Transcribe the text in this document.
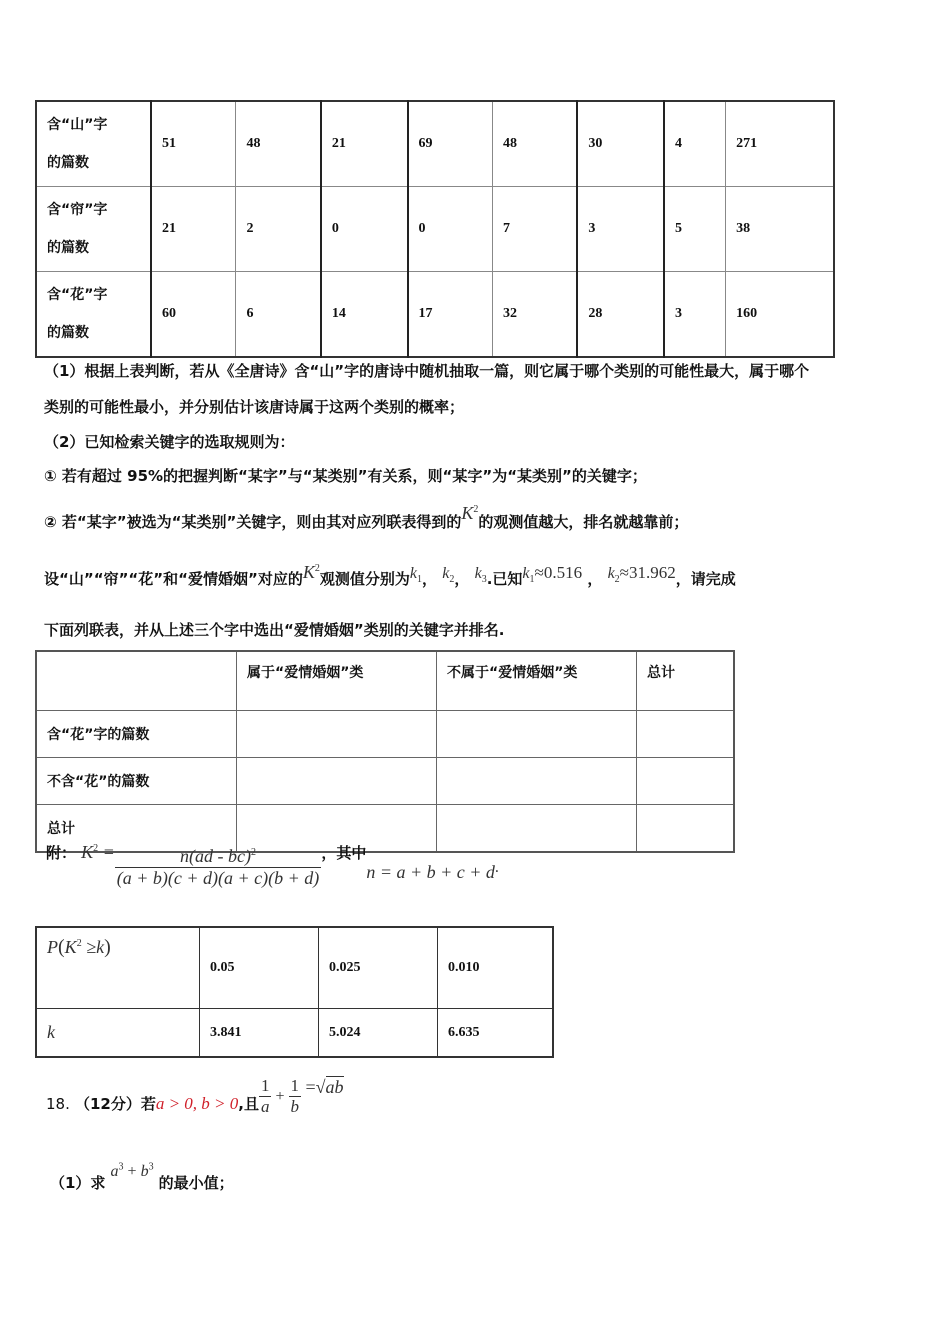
含“山”字
的篇数	51	48	21	69	48	30	4	271
含“帘”字
的篇数	21	2	0	0	7	3	5	38
含“花”字
的篇数	60	6	14	17	32	28	3	160
（1）根据上表判断，若从《全唐诗》含“山”字的唐诗中随机抽取一篇，则它属于哪个类别的可能性最大，属于哪个
类别的可能性最小，并分别估计该唐诗属于这两个类别的概率；
（2）已知检索关键字的选取规则为：
① 若有超过 95%的把握判断“某字”与“某类别”有关系，则“某字”为“某类别”的关键字；
② 若“某字”被选为“某类别”关键字，则由其对应列联表得到的$K^2$的观测值越大，排名就越靠前；
设“山”“帘”“花”和“爱情婚姻”对应的$K^2$观测值分别为$k_1$， $k_2$， $k_3$.已知$k_1\approx 0.516$ ， $k_2\approx 31.962$，请完成
下面列联表，并从上述三个字中选出“爱情婚姻”类别的关键字并排名.
	属于“爱情婚姻”类	不属于“爱情婚姻”类	总计
含“花”字的篇数			
不含“花”的篇数			
总计			
附： $K^2 = \frac{n(ad - bc)^2}{(a + b)(c + d)(a + c)(b + d)}$ ，其中n = a + b + c + d.
$P(K^2 \ge k)$	0.05	0.025	0.010
k	3.841	5.024	6.635
18. （12分）若a > 0, b > 0,且 $\frac{1}{a} + \frac{1}{b} =√ab$
（1）求 $a^3 + b^3$ 的最小值；
